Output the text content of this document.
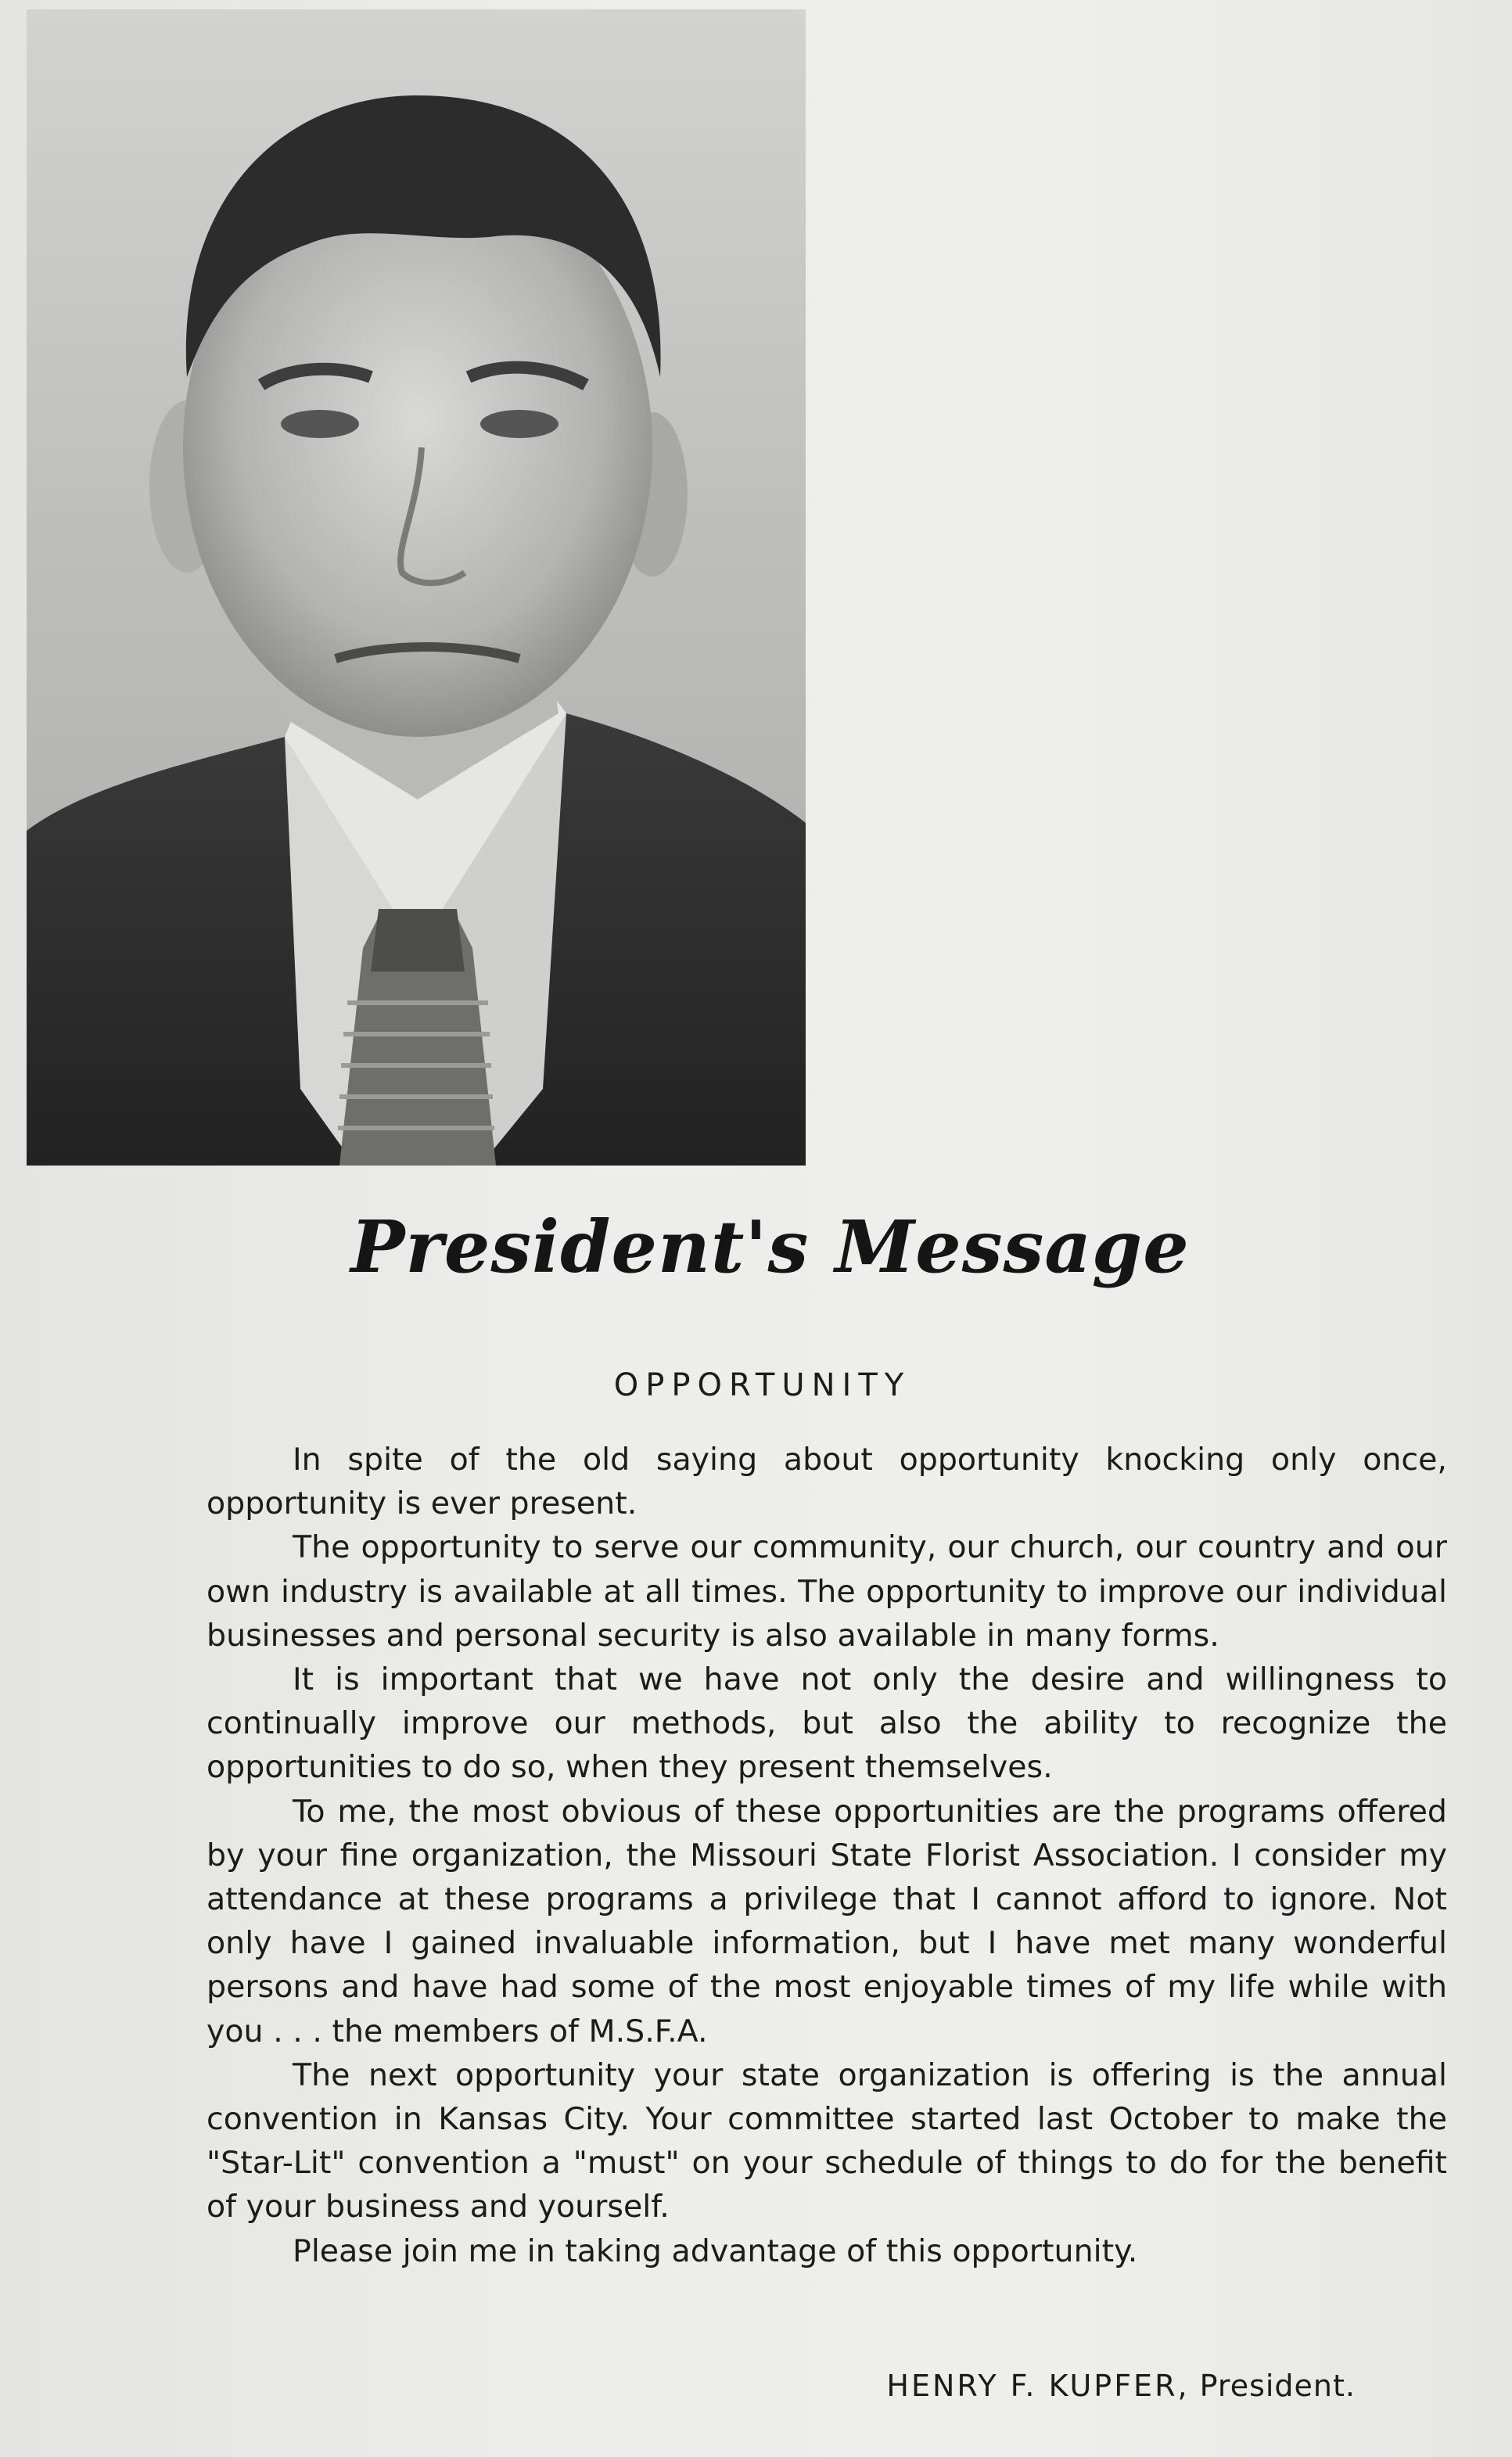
President's Message
OPPORTUNITY

In spite of the old saying about opportunity knocking only once, opportunity is ever present.

The opportunity to serve our community, our church, our country and our own industry is available at all times. The opportunity to improve our individual businesses and personal security is also available in many forms.

It is important that we have not only the desire and willingness to continually improve our methods, but also the ability to recognize the opportunities to do so, when they present themselves.

To me, the most obvious of these opportunities are the programs offered by your fine organization, the Missouri State Florist Association. I consider my attendance at these programs a privilege that I cannot afford to ignore. Not only have I gained invaluable information, but I have met many wonderful persons and have had some of the most enjoyable times of my life while with you . . . the members of M.S.F.A.

The next opportunity your state organization is offering is the annual convention in Kansas City. Your committee started last October to make the "Star-Lit" convention a "must" on your schedule of things to do for the benefit of your business and yourself.

Please join me in taking advantage of this opportunity.

HENRY F. KUPFER, President.
